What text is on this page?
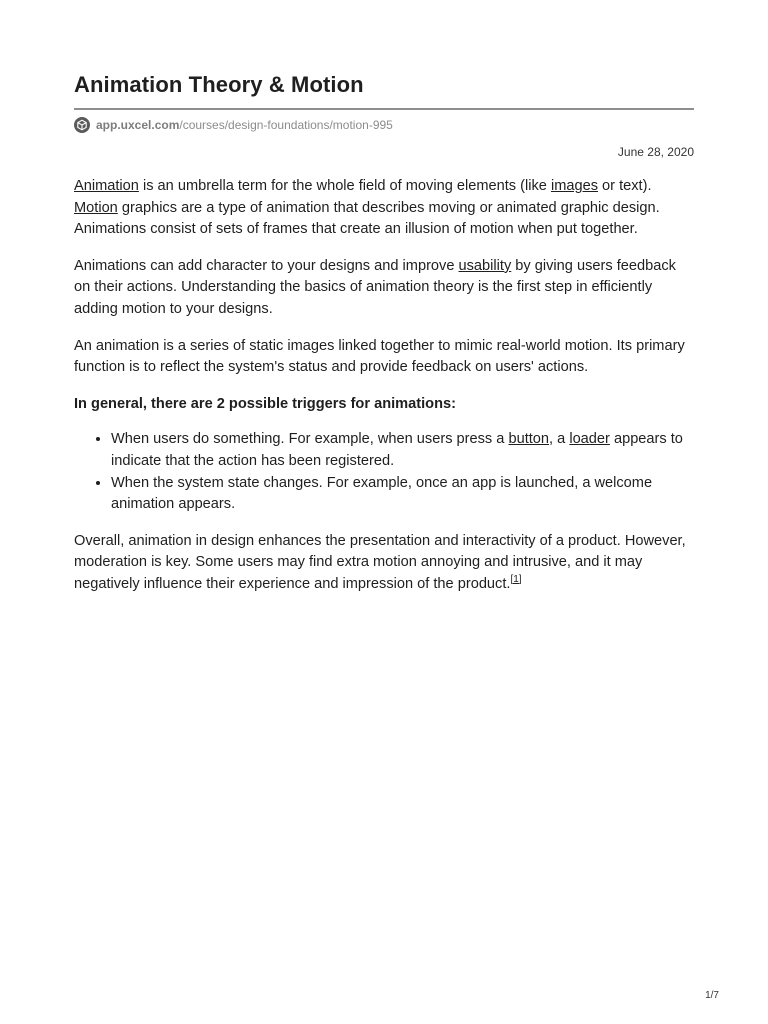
Animation Theory & Motion
app.uxcel.com/courses/design-foundations/motion-995
June 28, 2020

Animation is an umbrella term for the whole field of moving elements (like images or text). Motion graphics are a type of animation that describes moving or animated graphic design. Animations consist of sets of frames that create an illusion of motion when put together.

Animations can add character to your designs and improve usability by giving users feedback on their actions. Understanding the basics of animation theory is the first step in efficiently adding motion to your designs.

An animation is a series of static images linked together to mimic real-world motion. Its primary function is to reflect the system's status and provide feedback on users' actions.

In general, there are 2 possible triggers for animations:

• When users do something. For example, when users press a button, a loader appears to indicate that the action has been registered.
• When the system state changes. For example, once an app is launched, a welcome animation appears.

Overall, animation in design enhances the presentation and interactivity of a product. However, moderation is key. Some users may find extra motion annoying and intrusive, and it may negatively influence their experience and impression of the product.[1]

1/7
